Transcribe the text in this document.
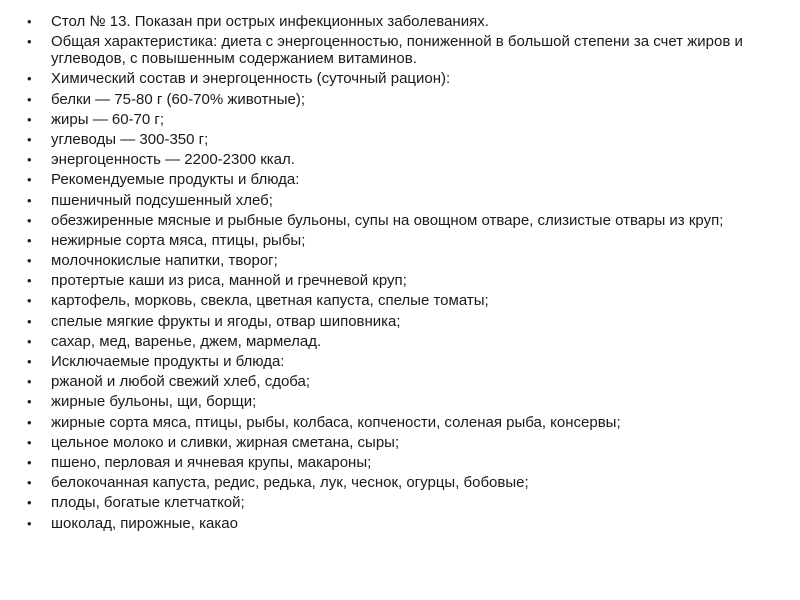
• Стол № 13. Показан при острых инфекционных заболеваниях.
• Общая характеристика: диета с энергоценностью, пониженной в большой степени за счет жиров и углеводов, с повышенным содержанием витаминов.
• Химический состав и энергоценность (суточный рацион):
• белки — 75-80 г (60-70% животные);
• жиры — 60-70 г;
• углеводы — 300-350 г;
• энергоценность — 2200-2300 ккал.
• Рекомендуемые продукты и блюда:
• пшеничный подсушенный хлеб;
• обезжиренные мясные и рыбные бульоны, супы на овощном отваре, слизистые отвары из круп;
• нежирные сорта мяса, птицы, рыбы;
• молочнокислые напитки, творог;
• протертые каши из риса, манной и гречневой круп;
• картофель, морковь, свекла, цветная капуста, спелые томаты;
• спелые мягкие фрукты и ягоды, отвар шиповника;
• сахар, мед, варенье, джем, мармелад.
• Исключаемые продукты и блюда:
• ржаной и любой свежий хлеб, сдоба;
• жирные бульоны, щи, борщи;
• жирные сорта мяса, птицы, рыбы, колбаса, копчености, соленая рыба, консервы;
• цельное молоко и сливки, жирная сметана, сыры;
• пшено, перловая и ячневая крупы, макароны;
• белокочанная капуста, редис, редька, лук, чеснок, огурцы, бобовые;
• плоды, богатые клетчаткой;
• шоколад, пирожные, какао
